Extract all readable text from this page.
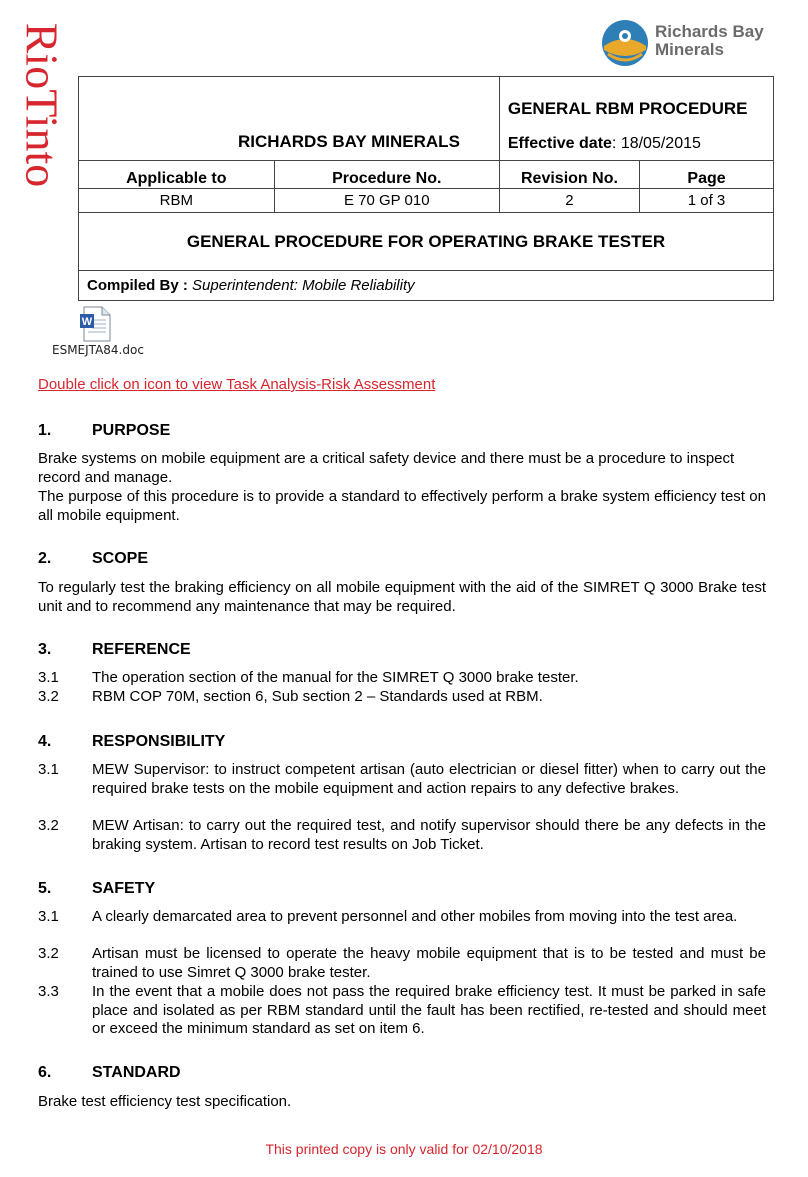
RioTinto	Richards Bay
Minerals
RICHARDS BAY MINERALS		GENERAL RBM PROCEDURE
Effective date: 18/05/2015	

Applicable to	Procedure No.	Revision No.	Page
RBM	E 70 GP 010	2	1 of 3
GENERAL PROCEDURE FOR OPERATING BRAKE TESTER			
Compiled By : Superintendent: Mobile Reliability			
W
ESMEJTA84.doc
Double click on icon to view Task Analysis-Risk Assessment
1.	PURPOSE
Brake systems on mobile equipment are a critical safety device and there must be a procedure to inspect record and manage.
The purpose of this procedure is to provide a standard to effectively perform a brake system efficiency test on all mobile equipment.
2.	SCOPE
To regularly test the braking efficiency on all mobile equipment with the aid of the SIMRET Q 3000 Brake test unit and to recommend any maintenance that may be required.
3.	REFERENCE
3.1 The operation section of the manual for the SIMRET Q 3000 brake tester.
3.2 RBM COP 70M, section 6, Sub section 2 – Standards used at RBM.
4.	RESPONSIBILITY
3.1 MEW Supervisor: to instruct competent artisan (auto electrician or diesel fitter) when to carry out the required brake tests on the mobile equipment and action repairs to any defective brakes.
3.2 MEW Artisan: to carry out the required test, and notify supervisor should there be any defects in the braking system. Artisan to record test results on Job Ticket.
5.	SAFETY
3.1 A clearly demarcated area to prevent personnel and other mobiles from moving into the test area.
3.2 Artisan must be licensed to operate the heavy mobile equipment that is to be tested and must be trained to use Simret Q 3000 brake tester.
3.3 In the event that a mobile does not pass the required brake efficiency test. It must be parked in safe place and isolated as per RBM standard until the fault has been rectified, re-tested and should meet or exceed the minimum standard as set on item 6.
6.	STANDARD
Brake test efficiency test specification.
This printed copy is only valid for 02/10/2018
